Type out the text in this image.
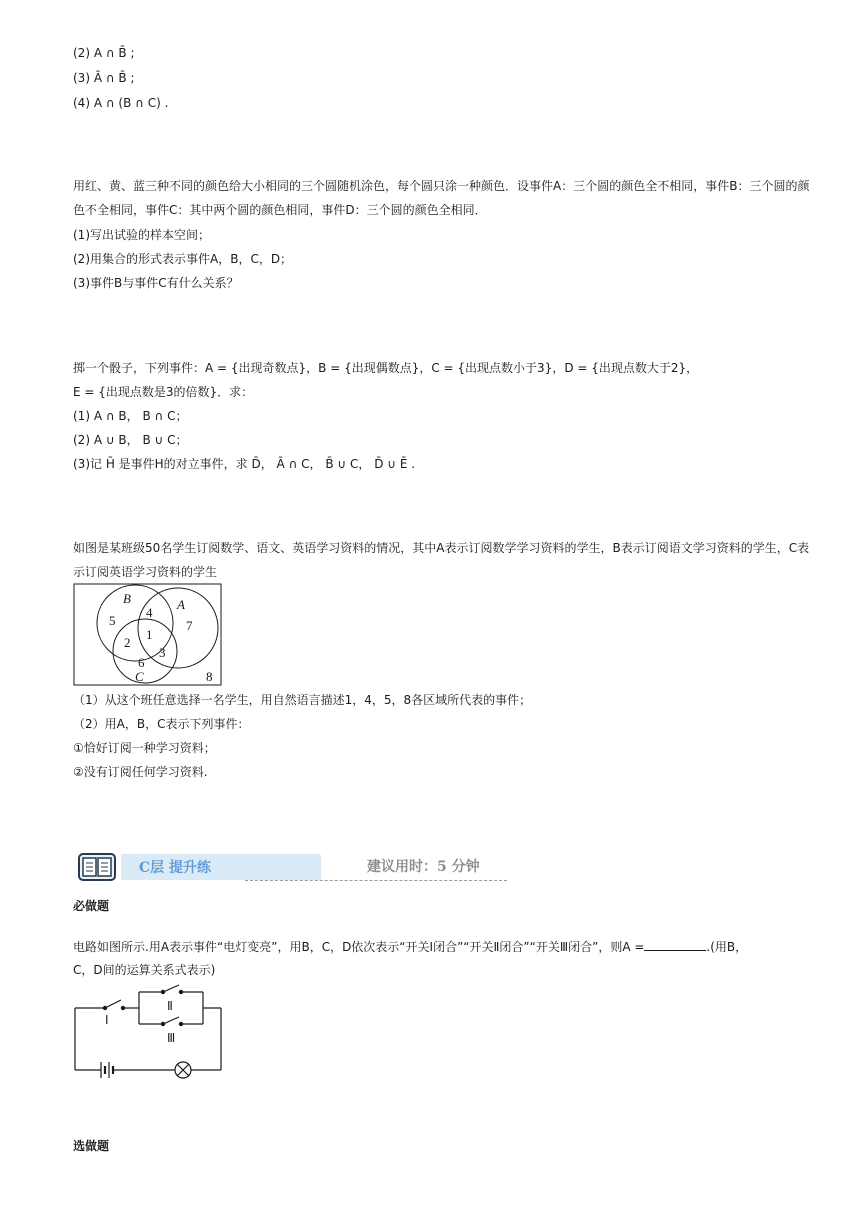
(2) A ∩ B̄ ;
(3) Ā ∩ B̄ ;
(4) A ∩ (B ∩ C) .
用红、黄、蓝三种不同的颜色给大小相同的三个圆随机涂色，每个圆只涂一种颜色．设事件A：三个圆的颜色全不相同，事件B：三个圆的颜
色不全相同，事件C：其中两个圆的颜色相同，事件D：三个圆的颜色全相同．
(1)写出试验的样本空间；
(2)用集合的形式表示事件A，B，C，D；
(3)事件B与事件C有什么关系？
掷一个骰子，下列事件：A = {出现奇数点}，B = {出现偶数点}，C = {出现点数小于3}，D = {出现点数大于2}，
E = {出现点数是3的倍数}．求：
(1) A ∩ B， B ∩ C；
(2) A ∪ B， B ∪ C；
(3)记 H̄ 是事件H的对立事件，求 D̄， Ā ∩ C， B̄ ∪ C， D̄ ∪ Ē .
如图是某班级50名学生订阅数学、语文、英语学习资料的情况，其中A表示订阅数学学习资料的学生，B表示订阅语文学习资料的学生，C表
示订阅英语学习资料的学生
B	A
C
5
4
7
2
1
3
6
8
（1）从这个班任意选择一名学生，用自然语言描述1，4，5，8各区域所代表的事件；
（2）用A，B，C表示下列事件：
①恰好订阅一种学习资料；
②没有订阅任何学习资料.
C层 提升练	建议用时：5 分钟
必做题
电路如图所示.用A表示事件“电灯变亮”，用B，C，D依次表示“开关Ⅰ闭合”“开关Ⅱ闭合”“开关Ⅲ闭合”，则A =	.(用B，
C，D间的运算关系式表示)
Ⅰ
Ⅱ
Ⅲ
选做题
